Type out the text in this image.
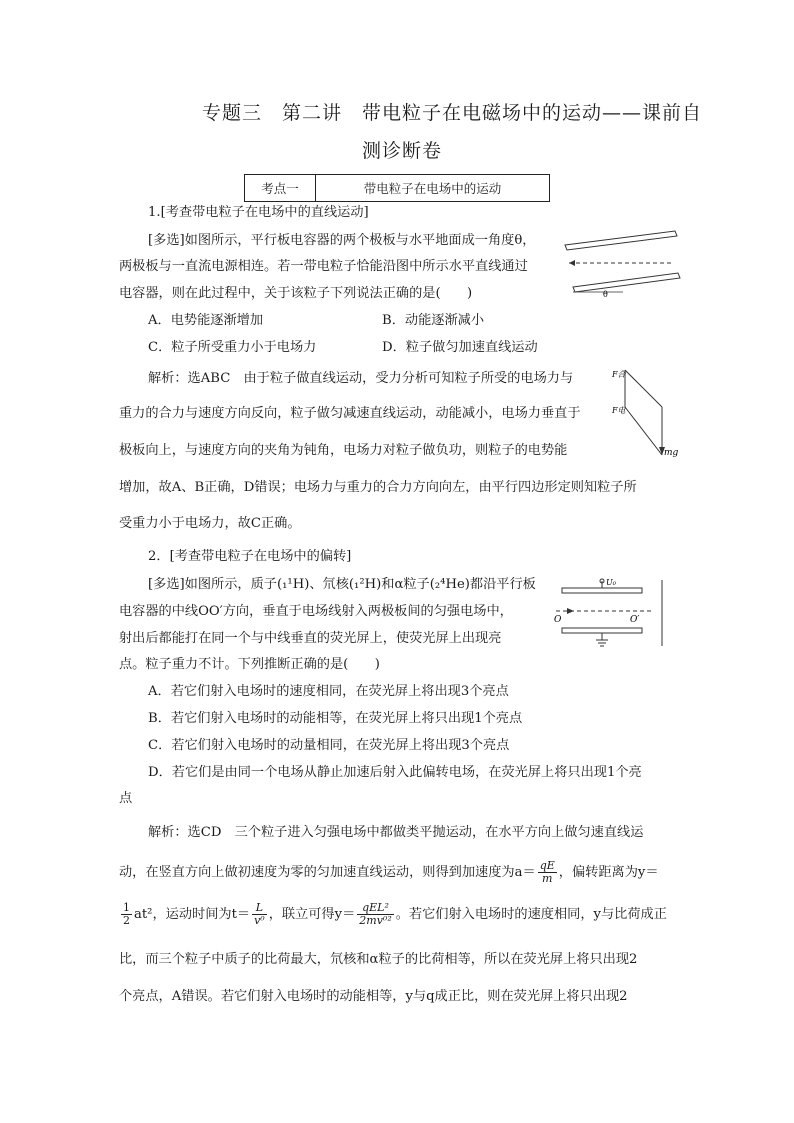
专题三　第二讲　带电粒子在电磁场中的运动——课前自
测诊断卷
考点一	带电粒子在电场中的运动
1.[考查带电粒子在电场中的直线运动]
[多选]如图所示，平行板电容器的两个极板与水平地面成一角度θ，
两极板与一直流电源相连。若一带电粒子恰能沿图中所示水平直线通过
电容器，则在此过程中，关于该粒子下列说法正确的是(　　)
A．电势能逐渐增加	B．动能逐渐减小
C．粒子所受重力小于电场力	D．粒子做匀加速直线运动
θ
F合
F电
mg
解析：选ABC　由于粒子做直线运动，受力分析可知粒子所受的电场力与
重力的合力与速度方向反向，粒子做匀减速直线运动，动能减小，电场力垂直于
极板向上，与速度方向的夹角为钝角，电场力对粒子做负功，则粒子的电势能
增加，故A、B正确，D错误；电场力与重力的合力方向向左，由平行四边形定则知粒子所
受重力小于电场力，故C正确。
2．[考查带电粒子在电场中的偏转]
[多选]如图所示，质子(₁¹H)、氘核(₁²H)和α粒子(₂⁴He)都沿平行板
电容器的中线OO′方向，垂直于电场线射入两极板间的匀强电场中，
射出后都能打在同一个与中线垂直的荧光屏上，使荧光屏上出现亮
点。粒子重力不计。下列推断正确的是(　　)
U₀
O	O′
A．若它们射入电场时的速度相同，在荧光屏上将出现3个亮点
B．若它们射入电场时的动能相等，在荧光屏上将只出现1个亮点
C．若它们射入电场时的动量相同，在荧光屏上将出现3个亮点
D．若它们是由同一个电场从静止加速后射入此偏转电场，在荧光屏上将只出现1个亮
点
解析：选CD　三个粒子进入匀强电场中都做类平抛运动，在水平方向上做匀速直线运
动，在竖直方向上做初速度为零的匀加速直线运动，则得到加速度为$a= \frac{qE}{m}$ ，偏转距离为y＝
$\frac{1}{2} at^2$，运动时间为$t= \frac{L}{\text{v⁰}}$ ，联立可得$y= \frac{\text{qEL²}}{\text{2mv⁰²}}$ 。若它们射入电场时的速度相同，y与比荷成正
比，而三个粒子中质子的比荷最大，氘核和α粒子的比荷相等，所以在荧光屏上将只出现2
个亮点，A错误。若它们射入电场时的动能相等，y与q成正比，则在荧光屏上将只出现2
